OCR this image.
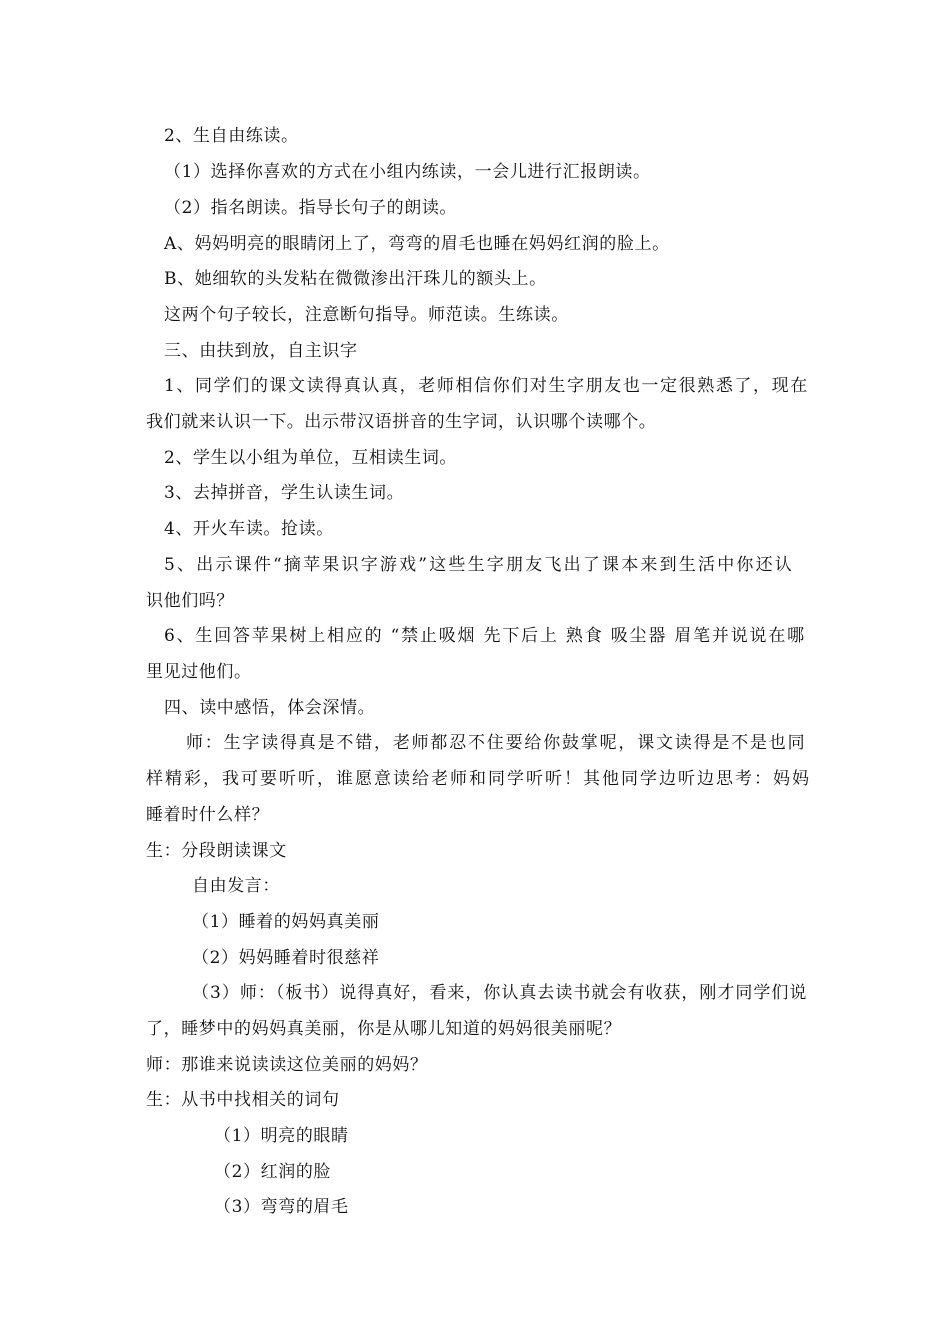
2、生自由练读。

（1）选择你喜欢的方式在小组内练读，一会儿进行汇报朗读。

（2）指名朗读。指导长句子的朗读。

A、妈妈明亮的眼睛闭上了，弯弯的眉毛也睡在妈妈红润的脸上。

B、她细软的头发粘在微微渗出汗珠儿的额头上。

这两个句子较长，注意断句指导。师范读。生练读。

三、由扶到放，自主识字

1、同学们的课文读得真认真，老师相信你们对生字朋友也一定很熟悉了，现在

我们就来认识一下。出示带汉语拼音的生字词，认识哪个读哪个。

2、学生以小组为单位，互相读生词。

3、去掉拼音，学生认读生词。

4、开火车读。抢读。

5、出示课件“摘苹果识字游戏”这些生字朋友飞出了课本来到生活中你还认

识他们吗？

6、生回答苹果树上相应的 “禁止吸烟 先下后上 熟食 吸尘器 眉笔并说说在哪

里见过他们。

四、读中感悟，体会深情。

师：生字读得真是不错，老师都忍不住要给你鼓掌呢，课文读得是不是也同

样精彩，我可要听听，谁愿意读给老师和同学听听！其他同学边听边思考：妈妈

睡着时什么样？

生：分段朗读课文

自由发言：

（1）睡着的妈妈真美丽

（2）妈妈睡着时很慈祥

（3）师：（板书）说得真好，看来，你认真去读书就会有收获，刚才同学们说

了，睡梦中的妈妈真美丽，你是从哪儿知道的妈妈很美丽呢？

师：那谁来说读读这位美丽的妈妈？

生：从书中找相关的词句

（1）明亮的眼睛

（2）红润的脸

（3）弯弯的眉毛
